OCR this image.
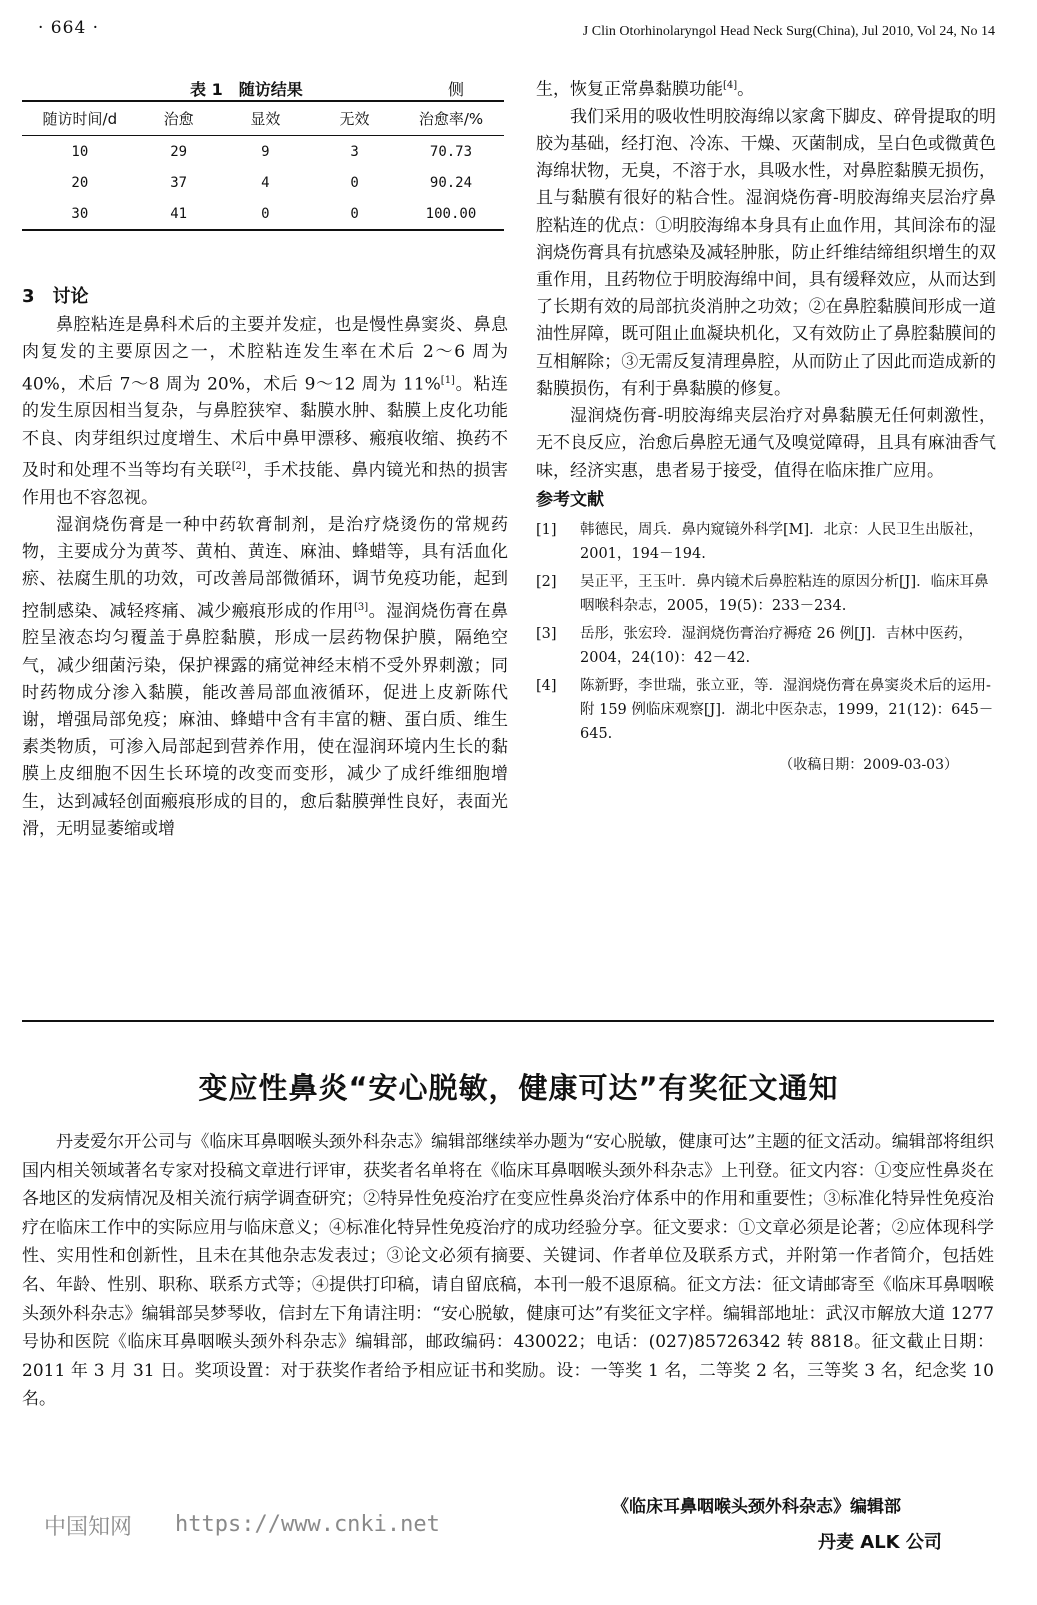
· 664 ·	J Clin Otorhinolaryngol Head Neck Surg(China), Jul 2010, Vol 24, No 14
表 1　随访结果	侧
随访时间/d	治愈	显效	无效	治愈率/%
10	29	9	3	70.73
20	37	4	0	90.24
30	41	0	0	100.00
3　讨论

鼻腔粘连是鼻科术后的主要并发症，也是慢性鼻窦炎、鼻息肉复发的主要原因之一，术腔粘连发生率在术后 2～6 周为 40%，术后 7～8 周为 20%，术后 9～12 周为 11%[1]。粘连的发生原因相当复杂，与鼻腔狭窄、黏膜水肿、黏膜上皮化功能不良、肉芽组织过度增生、术后中鼻甲漂移、瘢痕收缩、换药不及时和处理不当等均有关联[2]，手术技能、鼻内镜光和热的损害作用也不容忽视。

湿润烧伤膏是一种中药软膏制剂，是治疗烧烫伤的常规药物，主要成分为黄芩、黄柏、黄连、麻油、蜂蜡等，具有活血化瘀、祛腐生肌的功效，可改善局部微循环，调节免疫功能，起到控制感染、减轻疼痛、减少瘢痕形成的作用[3]。湿润烧伤膏在鼻腔呈液态均匀覆盖于鼻腔黏膜，形成一层药物保护膜，隔绝空气，减少细菌污染，保护裸露的痛觉神经末梢不受外界刺激；同时药物成分渗入黏膜，能改善局部血液循环，促进上皮新陈代谢，增强局部免疫；麻油、蜂蜡中含有丰富的糖、蛋白质、维生素类物质，可渗入局部起到营养作用，使在湿润环境内生长的黏膜上皮细胞不因生长环境的改变而变形，减少了成纤维细胞增生，达到减轻创面瘢痕形成的目的，愈后黏膜弹性良好，表面光滑，无明显萎缩或增

生，恢复正常鼻黏膜功能[4]。

我们采用的吸收性明胶海绵以家禽下脚皮、碎骨提取的明胶为基础，经打泡、冷冻、干燥、灭菌制成，呈白色或微黄色海绵状物，无臭，不溶于水，具吸水性，对鼻腔黏膜无损伤，且与黏膜有很好的粘合性。湿润烧伤膏-明胶海绵夹层治疗鼻腔粘连的优点：①明胶海绵本身具有止血作用，其间涂布的湿润烧伤膏具有抗感染及减轻肿胀，防止纤维结缔组织增生的双重作用，且药物位于明胶海绵中间，具有缓释效应，从而达到了长期有效的局部抗炎消肿之功效；②在鼻腔黏膜间形成一道油性屏障，既可阻止血凝块机化，又有效防止了鼻腔黏膜间的互相解除；③无需反复清理鼻腔，从而防止了因此而造成新的黏膜损伤，有利于鼻黏膜的修复。

湿润烧伤膏-明胶海绵夹层治疗对鼻黏膜无任何刺激性，无不良反应，治愈后鼻腔无通气及嗅觉障碍，且具有麻油香气味，经济实惠，患者易于接受，值得在临床推广应用。

参考文献
[1] 韩德民，周兵．鼻内窥镜外科学[M]．北京：人民卫生出版社，2001，194－194.
[2] 吴正平，王玉叶．鼻内镜术后鼻腔粘连的原因分析[J]．临床耳鼻咽喉科杂志，2005，19(5)：233－234.
[3] 岳彤，张宏玲．湿润烧伤膏治疗褥疮 26 例[J]．吉林中医药，2004，24(10)：42－42.
[4] 陈新野，李世瑞，张立亚，等．湿润烧伤膏在鼻窦炎术后的运用-附 159 例临床观察[J]．湖北中医杂志，1999，21(12)：645－645.
（收稿日期：2009-03-03）
变应性鼻炎“安心脱敏，健康可达”有奖征文通知

丹麦爱尔开公司与《临床耳鼻咽喉头颈外科杂志》编辑部继续举办题为“安心脱敏，健康可达”主题的征文活动。编辑部将组织国内相关领域著名专家对投稿文章进行评审，获奖者名单将在《临床耳鼻咽喉头颈外科杂志》上刊登。征文内容：①变应性鼻炎在各地区的发病情况及相关流行病学调查研究；②特异性免疫治疗在变应性鼻炎治疗体系中的作用和重要性；③标准化特异性免疫治疗在临床工作中的实际应用与临床意义；④标准化特异性免疫治疗的成功经验分享。征文要求：①文章必须是论著；②应体现科学性、实用性和创新性，且未在其他杂志发表过；③论文必须有摘要、关键词、作者单位及联系方式，并附第一作者简介，包括姓名、年龄、性别、职称、联系方式等；④提供打印稿，请自留底稿，本刊一般不退原稿。征文方法：征文请邮寄至《临床耳鼻咽喉头颈外科杂志》编辑部吴梦琴收，信封左下角请注明：“安心脱敏，健康可达”有奖征文字样。编辑部地址：武汉市解放大道 1277 号协和医院《临床耳鼻咽喉头颈外科杂志》编辑部，邮政编码：430022；电话：(027)85726342 转 8818。征文截止日期：2011 年 3 月 31 日。奖项设置：对于获奖作者给予相应证书和奖励。设：一等奖 1 名，二等奖 2 名，三等奖 3 名，纪念奖 10 名。

中国知网 https://www.cnki.net
《临床耳鼻咽喉头颈外科杂志》编辑部
丹麦 ALK 公司
